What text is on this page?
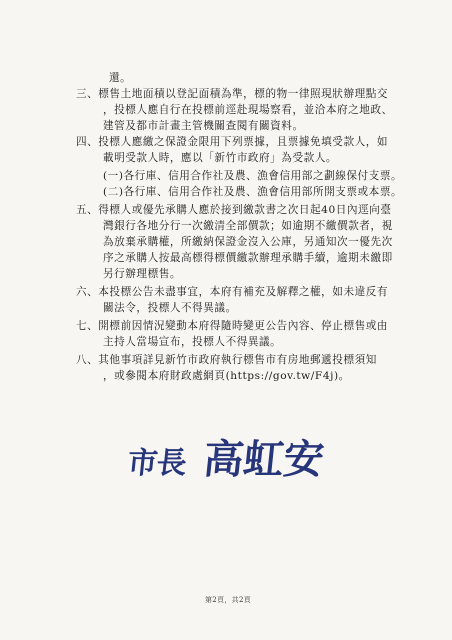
還。
三、標售土地面積以登記面積為準，標的物一律照現狀辦理點交
，投標人應自行在投標前逕赴現場察看，並洽本府之地政、
建管及都市計畫主管機關查閱有關資料。
四、投標人應繳之保證金限用下列票據，且票據免填受款人，如
載明受款人時，應以「新竹市政府」為受款人。
(一)各行庫、信用合作社及農、漁會信用部之劃線保付支票。
(二)各行庫、信用合作社及農、漁會信用部所開支票或本票。
五、得標人或優先承購人應於接到繳款書之次日起40日內逕向臺
灣銀行各地分行一次繳清全部價款；如逾期不繳價款者，視
為放棄承購權，所繳納保證金沒入公庫，另通知次一優先次
序之承購人按最高標得標價繳款辦理承購手續，逾期未繳即
另行辦理標售。
六、本投標公告未盡事宜，本府有補充及解釋之權，如未違反有
關法令，投標人不得異議。
七、開標前因情況變動本府得隨時變更公告內容、停止標售或由
主持人當場宣布，投標人不得異議。
八、其他事項詳見新竹市政府執行標售市有房地郵遞投標須知
，或參閱本府財政處網頁(https://gov.tw/F4j)。
市長 高虹安
第2頁，共2頁
